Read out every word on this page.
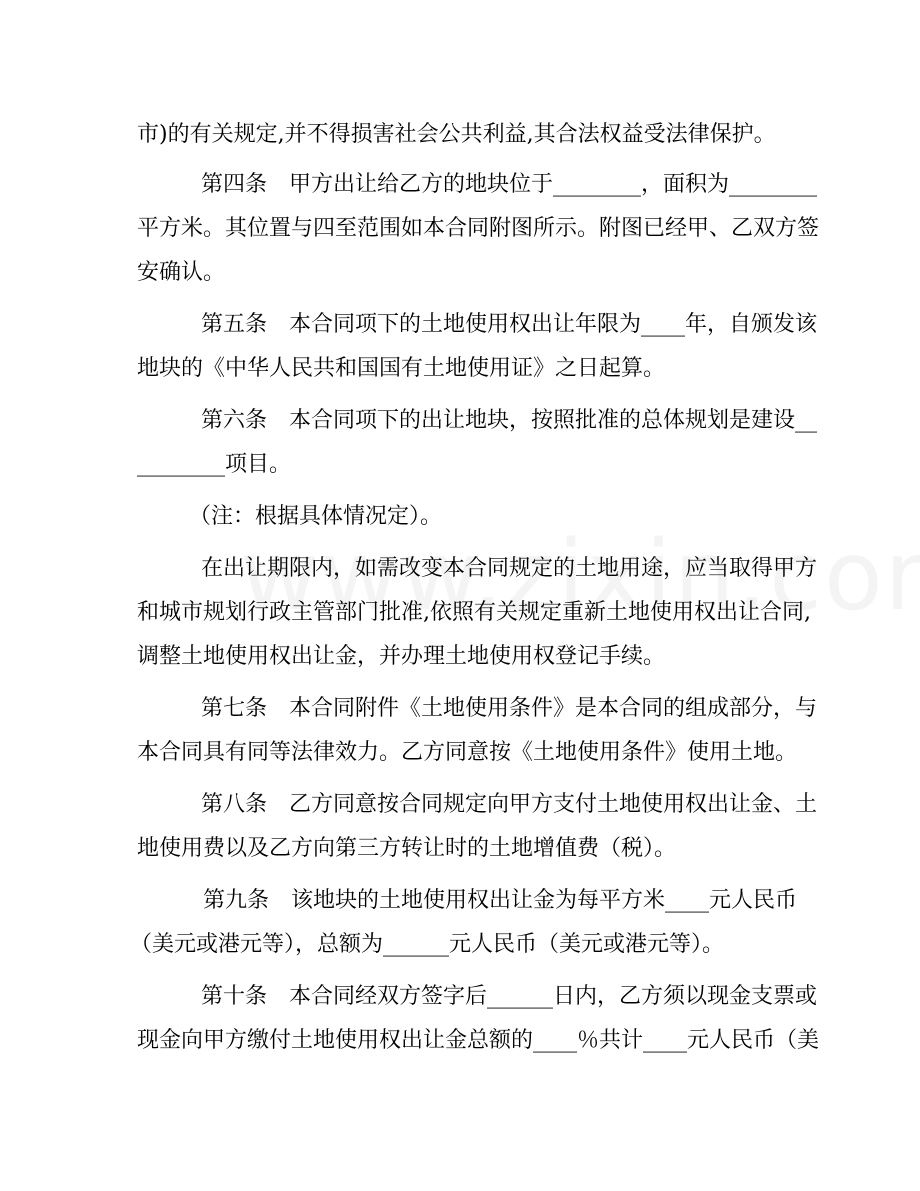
市)的有关规定,并不得损害社会公共利益,其合法权益受法律保护。
第四条　甲方出让给乙方的地块位于________，面积为________
平方米。其位置与四至范围如本合同附图所示。附图已经甲、乙双方签
安确认。
第五条　本合同项下的土地使用权出让年限为____年，自颁发该
地块的《中华人民共和国国有土地使用证》之日起算。
第六条　本合同项下的出让地块，按照批准的总体规划是建设__
________项目。
（注：根据具体情况定）。
在出让期限内，如需改变本合同规定的土地用途，应当取得甲方
和城市规划行政主管部门批准,依照有关规定重新土地使用权出让合同,
调整土地使用权出让金，并办理土地使用权登记手续。
第七条　本合同附件《土地使用条件》是本合同的组成部分，与
本合同具有同等法律效力。乙方同意按《土地使用条件》使用土地。
第八条　乙方同意按合同规定向甲方支付土地使用权出让金、土
地使用费以及乙方向第三方转让时的土地增值费（税）。
第九条　该地块的土地使用权出让金为每平方米____元人民币
（美元或港元等），总额为______元人民币（美元或港元等）。
第十条　本合同经双方签字后______日内，乙方须以现金支票或
现金向甲方缴付土地使用权出让金总额的____％共计____元人民币（美
